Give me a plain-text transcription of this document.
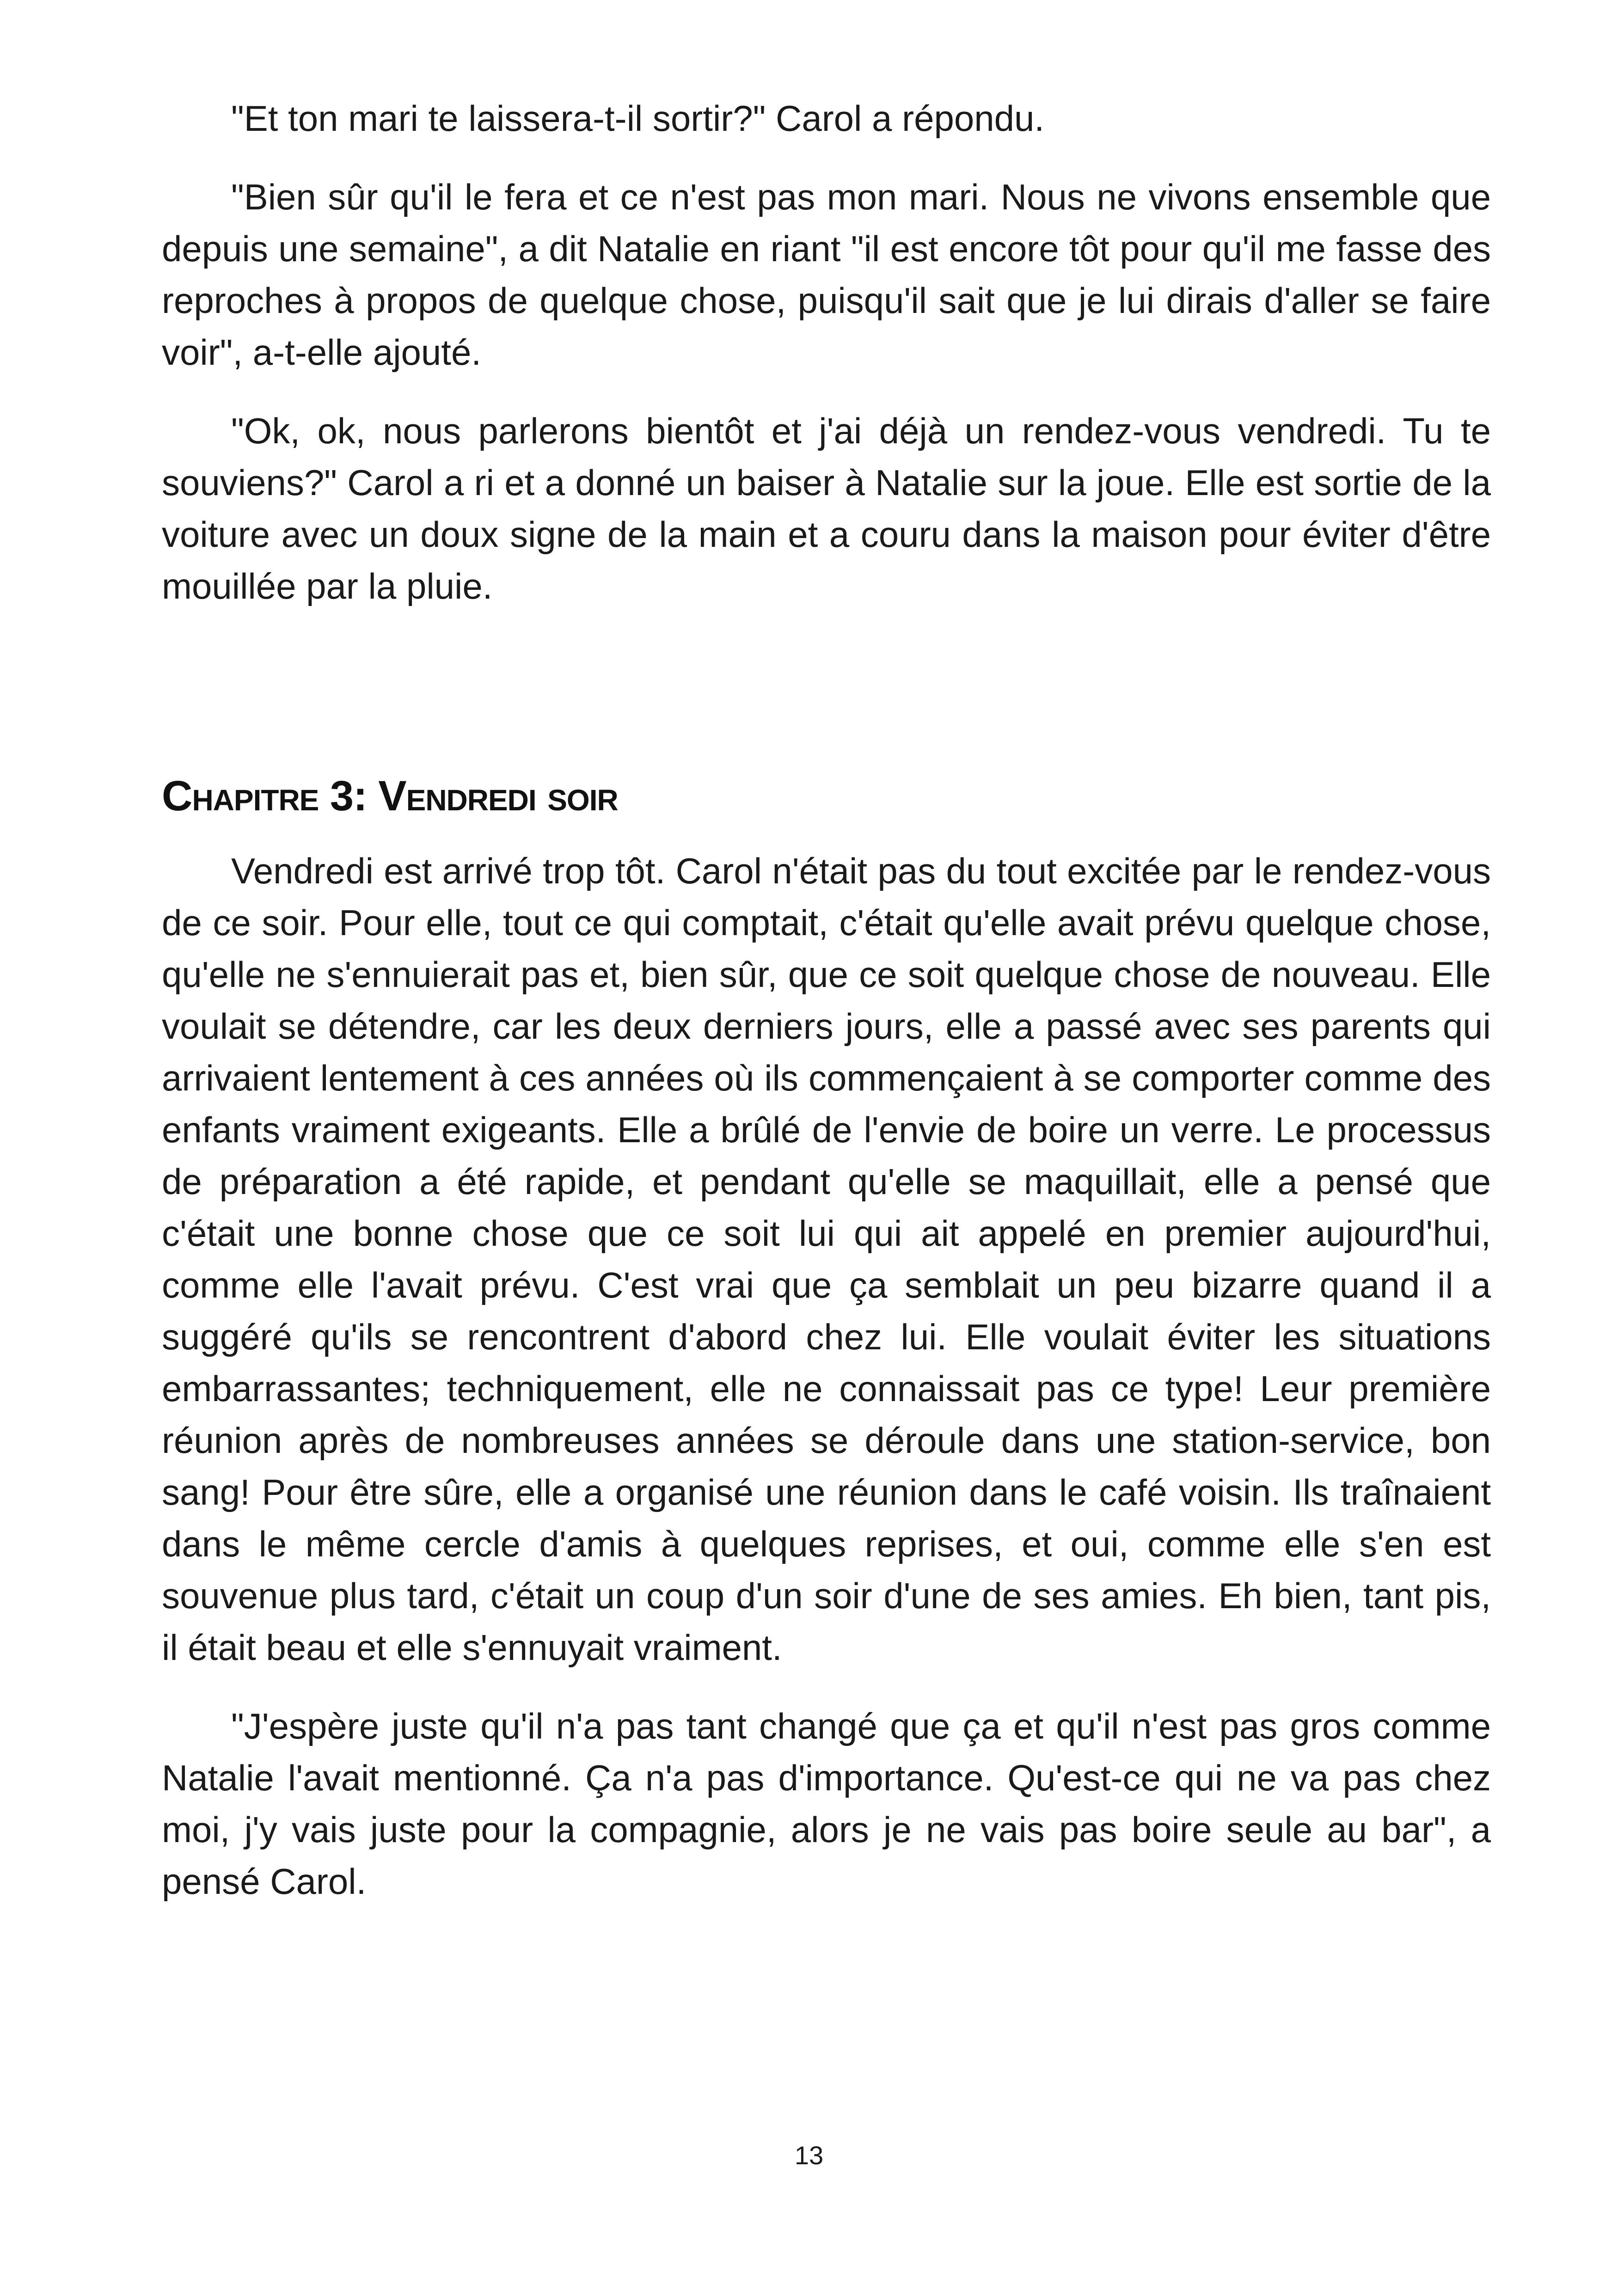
"Et ton mari te laissera-t-il sortir?" Carol a répondu.

"Bien sûr qu'il le fera et ce n'est pas mon mari. Nous ne vivons ensemble que depuis une semaine", a dit Natalie en riant "il est encore tôt pour qu'il me fasse des reproches à propos de quelque chose, puisqu'il sait que je lui dirais d'aller se faire voir", a-t-elle ajouté.

"Ok, ok, nous parlerons bientôt et j'ai déjà un rendez-vous vendredi. Tu te souviens?" Carol a ri et a donné un baiser à Natalie sur la joue. Elle est sortie de la voiture avec un doux signe de la main et a couru dans la maison pour éviter d'être mouillée par la pluie.

Chapitre 3: Vendredi soir

Vendredi est arrivé trop tôt. Carol n'était pas du tout excitée par le rendez-vous de ce soir. Pour elle, tout ce qui comptait, c'était qu'elle avait prévu quelque chose, qu'elle ne s'ennuierait pas et, bien sûr, que ce soit quelque chose de nouveau. Elle voulait se détendre, car les deux derniers jours, elle a passé avec ses parents qui arrivaient lentement à ces années où ils commençaient à se comporter comme des enfants vraiment exigeants. Elle a brûlé de l'envie de boire un verre. Le processus de préparation a été rapide, et pendant qu'elle se maquillait, elle a pensé que c'était une bonne chose que ce soit lui qui ait appelé en premier aujourd'hui, comme elle l'avait prévu. C'est vrai que ça semblait un peu bizarre quand il a suggéré qu'ils se rencontrent d'abord chez lui. Elle voulait éviter les situations embarrassantes; techniquement, elle ne connaissait pas ce type! Leur première réunion après de nombreuses années se déroule dans une station-service, bon sang! Pour être sûre, elle a organisé une réunion dans le café voisin. Ils traînaient dans le même cercle d'amis à quelques reprises, et oui, comme elle s'en est souvenue plus tard, c'était un coup d'un soir d'une de ses amies. Eh bien, tant pis, il était beau et elle s'ennuyait vraiment.

"J'espère juste qu'il n'a pas tant changé que ça et qu'il n'est pas gros comme Natalie l'avait mentionné. Ça n'a pas d'importance. Qu'est-ce qui ne va pas chez moi, j'y vais juste pour la compagnie, alors je ne vais pas boire seule au bar", a pensé Carol.

13
